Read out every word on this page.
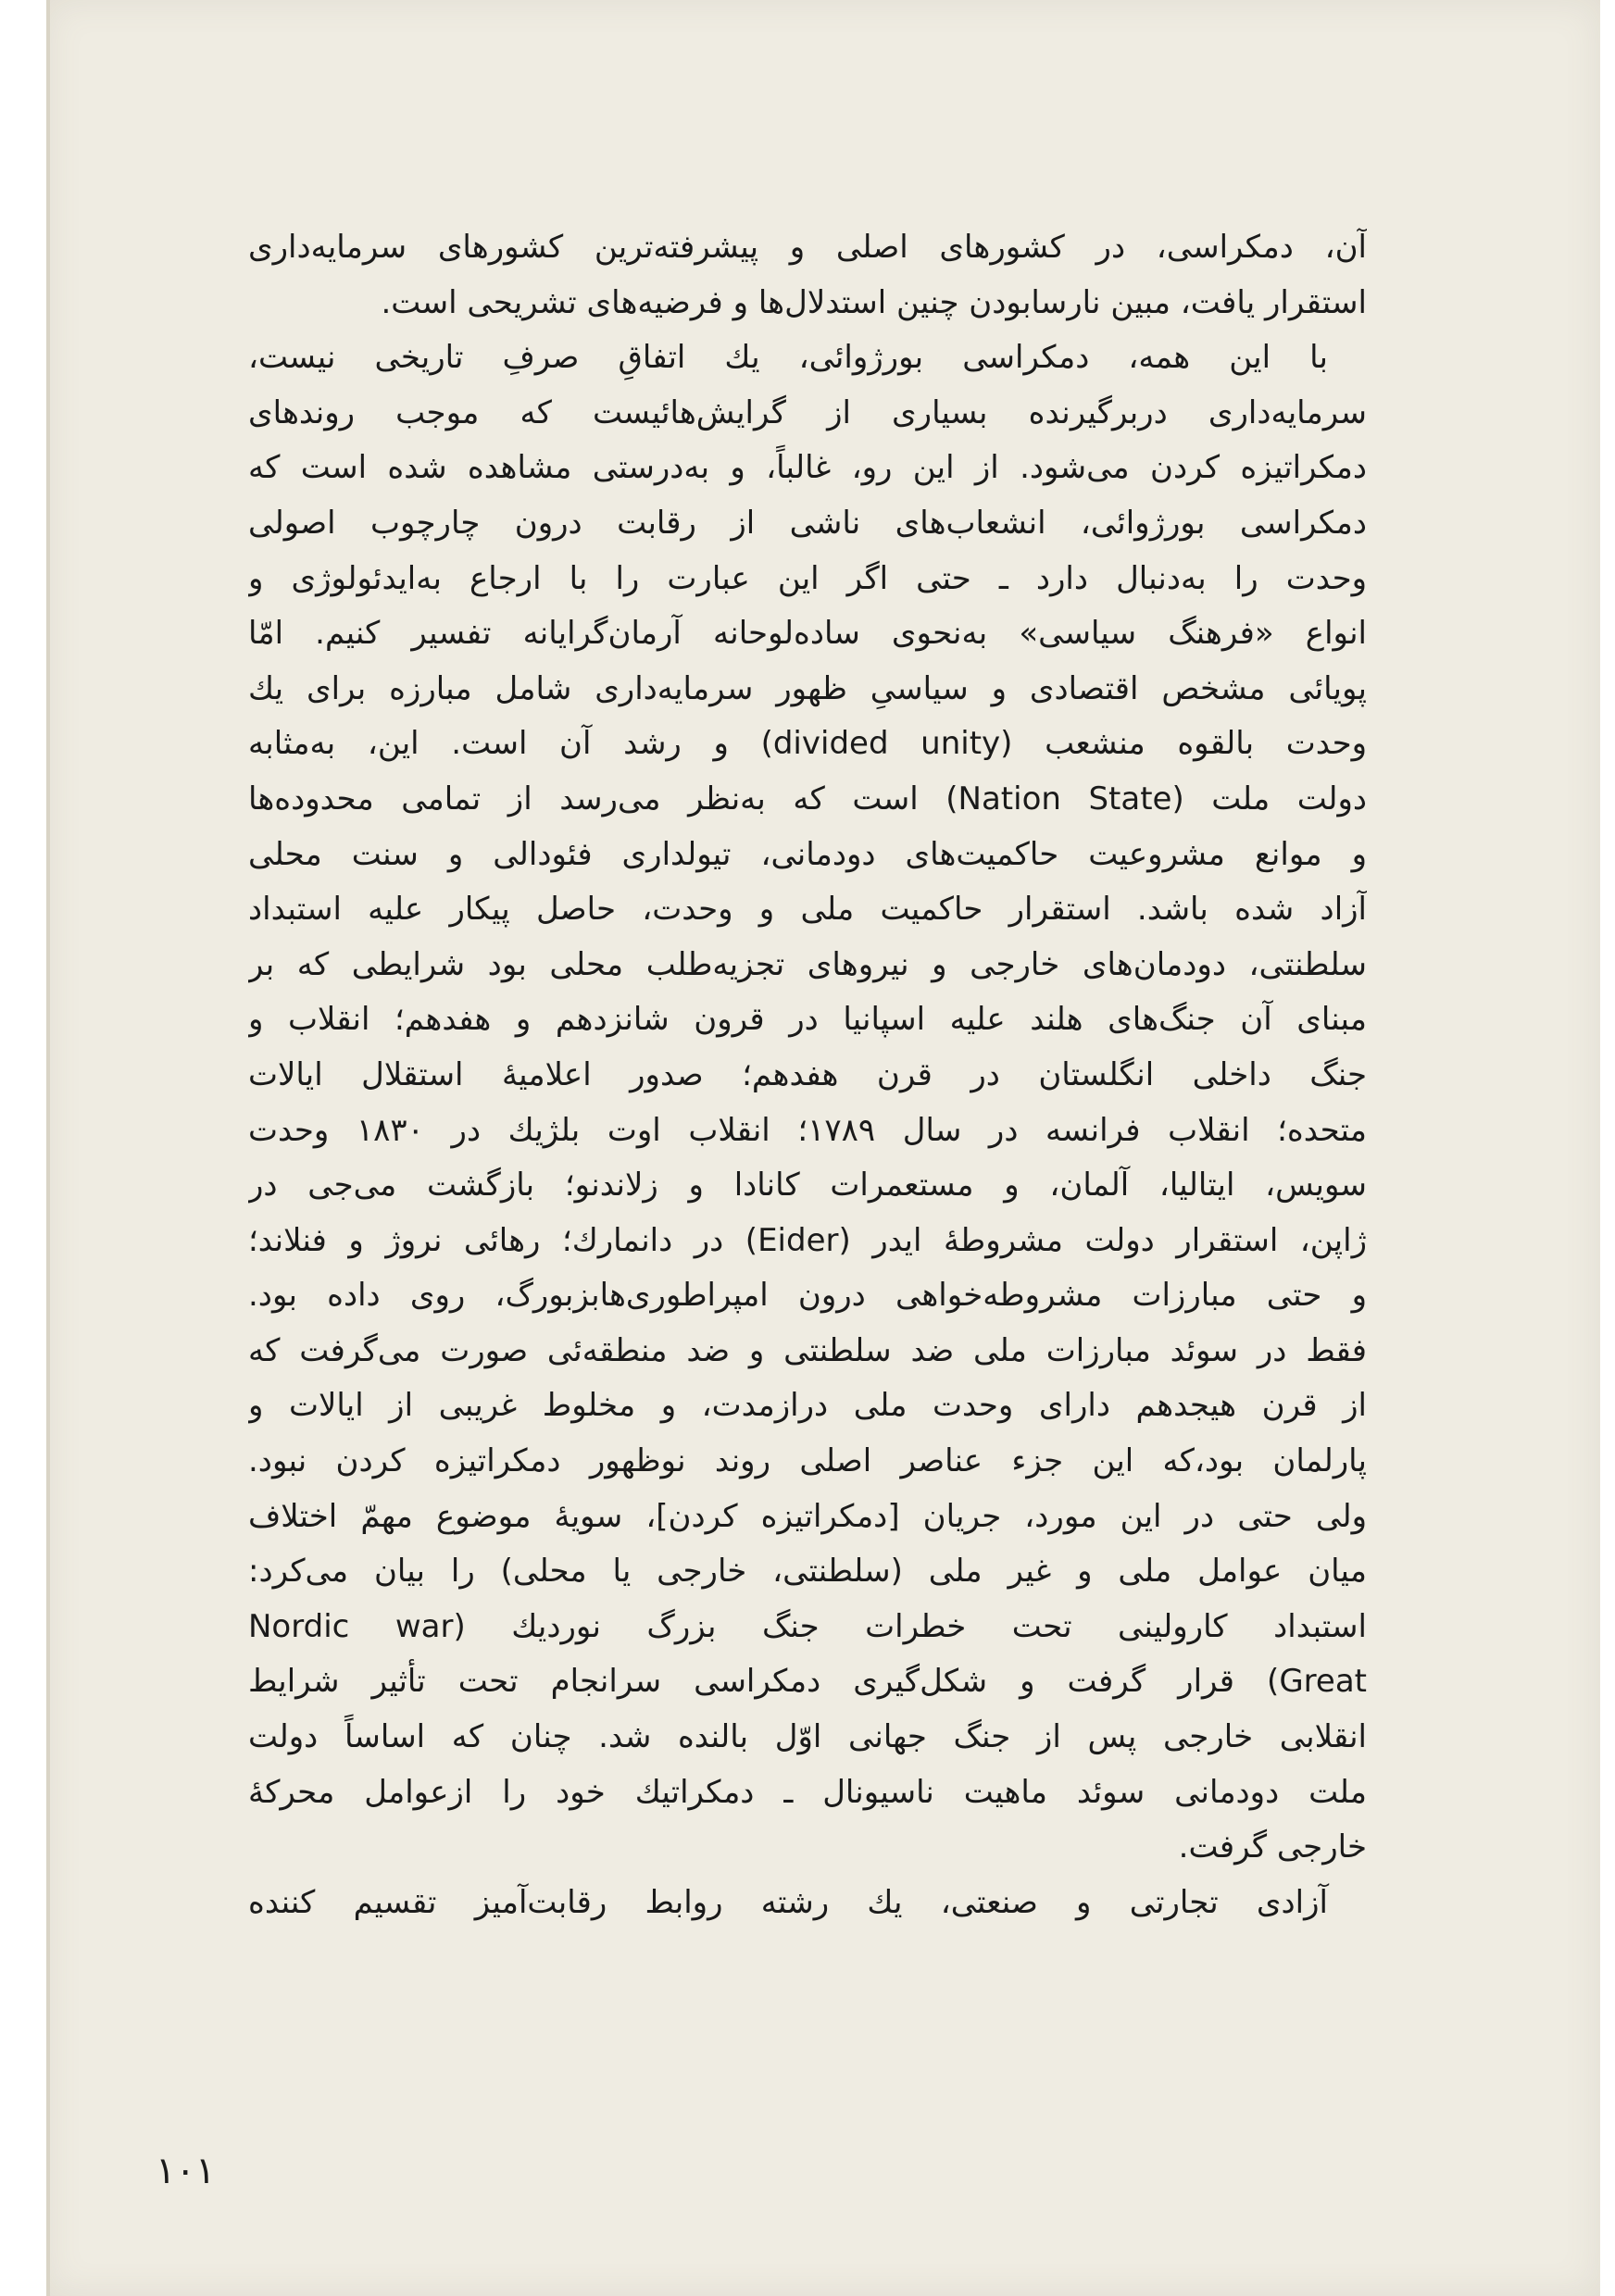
آن، دمکراسی، در کشورهای اصلی و پیشرفته‌ترین کشورهای سرمایه‌داری
استقرار یافت، مبین نارسابودن چنین استدلال‌ها و فرضیه‌های تشریحی است.
با این همه، دمکراسی بورژوائی، یك اتفاقِ صرفِ تاریخی نیست،
سرمایه‌داری دربرگیرنده بسیاری از گرایش‌هائیست که موجب روندهای
دمکراتیزه کردن می‌شود. از این رو، غالباً، و به‌درستی مشاهده شده است که
دمکراسی بورژوائی، انشعاب‌های ناشی از رقابت درون چارچوب اصولی
وحدت را به‌دنبال دارد ـ حتی اگر این عبارت را با ارجاع به‌ایدئولوژی و
انواع «فرهنگ سیاسی» به‌نحوی ساده‌لوحانه آرمان‌گرایانه تفسیر کنیم. امّا
پویائی مشخص اقتصادی و سیاسیِ ظهور سرمایه‌داری شامل مبارزه برای یك
وحدت بالقوه منشعب (divided unity) و رشد آن است. این، به‌مثابه
دولت ملت (Nation State) است که به‌نظر می‌رسد از تمامی محدوده‌ها
و موانع مشروعیت حاکمیت‌های دودمانی، تیولداری فئودالی و سنت محلی
آزاد شده باشد. استقرار حاکمیت ملی و وحدت، حاصل پیکار علیه استبداد
سلطنتی، دودمان‌های خارجی و نیروهای تجزیه‌طلب محلی بود شرایطی که بر
مبنای آن جنگ‌های هلند علیه اسپانیا در قرون شانزدهم و هفدهم؛ انقلاب و
جنگ داخلی انگلستان در قرن هفدهم؛ صدور اعلامیهٔ استقلال ایالات
متحده؛ انقلاب فرانسه در سال ۱۷۸۹؛ انقلاب اوت بلژیك در ۱۸۳۰ وحدت
سویس، ایتالیا، آلمان، و مستعمرات کانادا و زلاندنو؛ بازگشت می‌جی در
ژاپن، استقرار دولت مشروطهٔ ایدر (Eider) در دانمارك؛ رهائی نروژ و فنلاند؛
و حتی مبارزات مشروطه‌خواهی درون امپراطوری‌هابزبورگ، روی داده بود.
فقط در سوئد مبارزات ملی ضد سلطنتی و ضد منطقه‌ئی صورت می‌گرفت که
از قرن هیجدهم دارای وحدت ملی درازمدت، و مخلوط غریبی از ایالات و
پارلمان بود،که این جزء عناصر اصلی روند نوظهور دمکراتیزه کردن نبود.
ولی حتی در این مورد، جریان [دمکراتیزه کردن]، سویهٔ موضوع مهمّ اختلاف
میان عوامل ملی و غیر ملی (سلطنتی، خارجی یا محلی) را بیان می‌کرد:
استبداد کارولینی تحت خطرات جنگ بزرگ نوردیك (Nordic war
Great) قرار گرفت و شکل‌گیری دمکراسی سرانجام تحت تأثیر شرایط
انقلابی خارجی پس از جنگ جهانی اوّل بالنده شد. چنان که اساساً دولت
ملت دودمانی سوئد ماهیت ناسیونال ـ دمکراتیك خود را ازعوامل محرکهٔ
خارجی گرفت.
آزادی تجارتی و صنعتی، یك رشته روابط رقابت‌آمیز تقسیم کننده
۱۰۱
